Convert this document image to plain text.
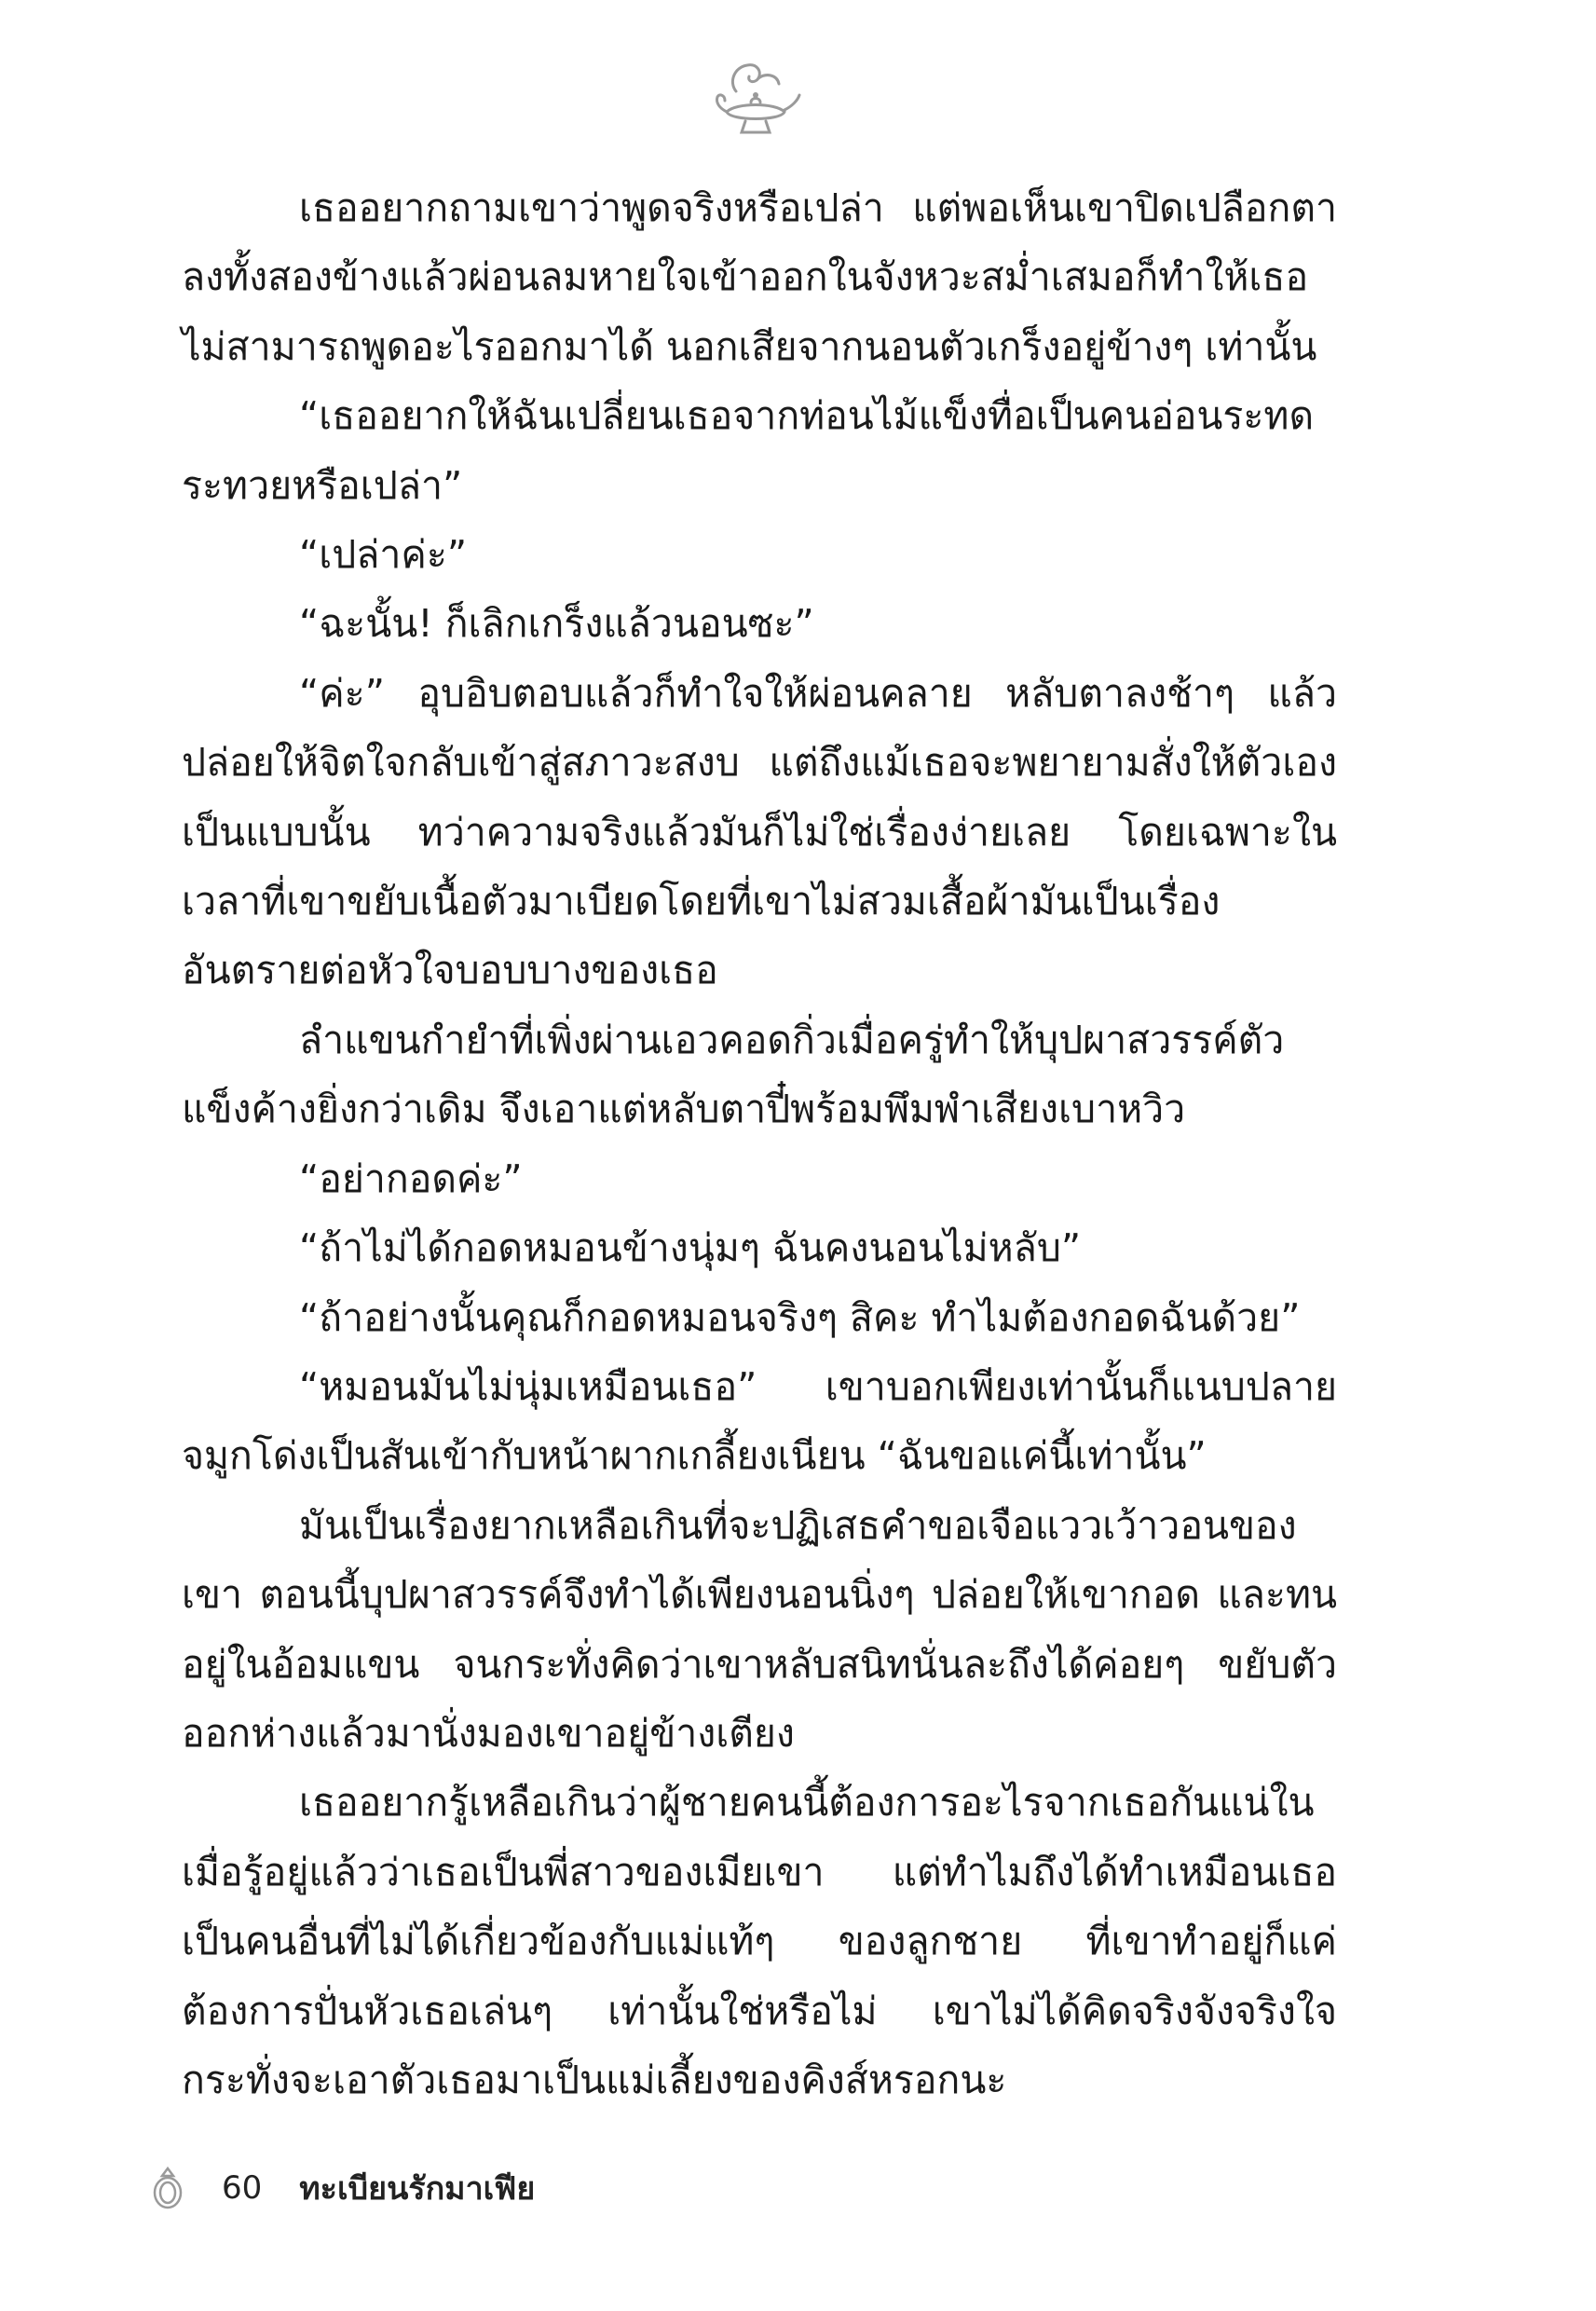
เธออยากถามเขาว่าพูดจริงหรือเปล่า แต่พอเห็นเขาปิดเปลือกตาลงทั้งสองข้างแล้วผ่อนลมหายใจเข้าออกในจังหวะสม่ำเสมอก็ทำให้เธอไม่สามารถพูดอะไรออกมาได้ นอกเสียจากนอนตัวเกร็งอยู่ข้างๆ เท่านั้น

“เธออยากให้ฉันเปลี่ยนเธอจากท่อนไม้แข็งทื่อเป็นคนอ่อนระทดระทวยหรือเปล่า”

“เปล่าค่ะ”

“ฉะนั้น! ก็เลิกเกร็งแล้วนอนซะ”

“ค่ะ” อุบอิบตอบแล้วก็ทำใจให้ผ่อนคลาย หลับตาลงช้าๆ แล้วปล่อยให้จิตใจกลับเข้าสู่สภาวะสงบ แต่ถึงแม้เธอจะพยายามสั่งให้ตัวเองเป็นแบบนั้น ทว่าความจริงแล้วมันก็ไม่ใช่เรื่องง่ายเลย โดยเฉพาะในเวลาที่เขาขยับเนื้อตัวมาเบียดโดยที่เขาไม่สวมเสื้อผ้ามันเป็นเรื่องอันตรายต่อหัวใจบอบบางของเธอ

ลำแขนกำยำที่เพิ่งผ่านเอวคอดกิ่วเมื่อครู่ทำให้บุปผาสวรรค์ตัวแข็งค้างยิ่งกว่าเดิม จึงเอาแต่หลับตาปี๋พร้อมพึมพำเสียงเบาหวิว

“อย่ากอดค่ะ”

“ถ้าไม่ได้กอดหมอนข้างนุ่มๆ ฉันคงนอนไม่หลับ”

“ถ้าอย่างนั้นคุณก็กอดหมอนจริงๆ สิคะ ทำไมต้องกอดฉันด้วย”

“หมอนมันไม่นุ่มเหมือนเธอ” เขาบอกเพียงเท่านั้นก็แนบปลายจมูกโด่งเป็นสันเข้ากับหน้าผากเกลี้ยงเนียน “ฉันขอแค่นี้เท่านั้น”

มันเป็นเรื่องยากเหลือเกินที่จะปฏิเสธคำขอเจือแววเว้าวอนของเขา ตอนนี้บุปผาสวรรค์จึงทำได้เพียงนอนนิ่งๆ ปล่อยให้เขากอด และทนอยู่ในอ้อมแขน จนกระทั่งคิดว่าเขาหลับสนิทนั่นละถึงได้ค่อยๆ ขยับตัวออกห่างแล้วมานั่งมองเขาอยู่ข้างเตียง

เธออยากรู้เหลือเกินว่าผู้ชายคนนี้ต้องการอะไรจากเธอกันแน่ในเมื่อรู้อยู่แล้วว่าเธอเป็นพี่สาวของเมียเขา แต่ทำไมถึงได้ทำเหมือนเธอเป็นคนอื่นที่ไม่ได้เกี่ยวข้องกับแม่แท้ๆ ของลูกชาย ที่เขาทำอยู่ก็แค่ต้องการปั่นหัวเธอเล่นๆ เท่านั้นใช่หรือไม่ เขาไม่ได้คิดจริงจังจริงใจกระทั่งจะเอาตัวเธอมาเป็นแม่เลี้ยงของคิงส์หรอกนะ

60 ทะเบียนรักมาเฟีย
